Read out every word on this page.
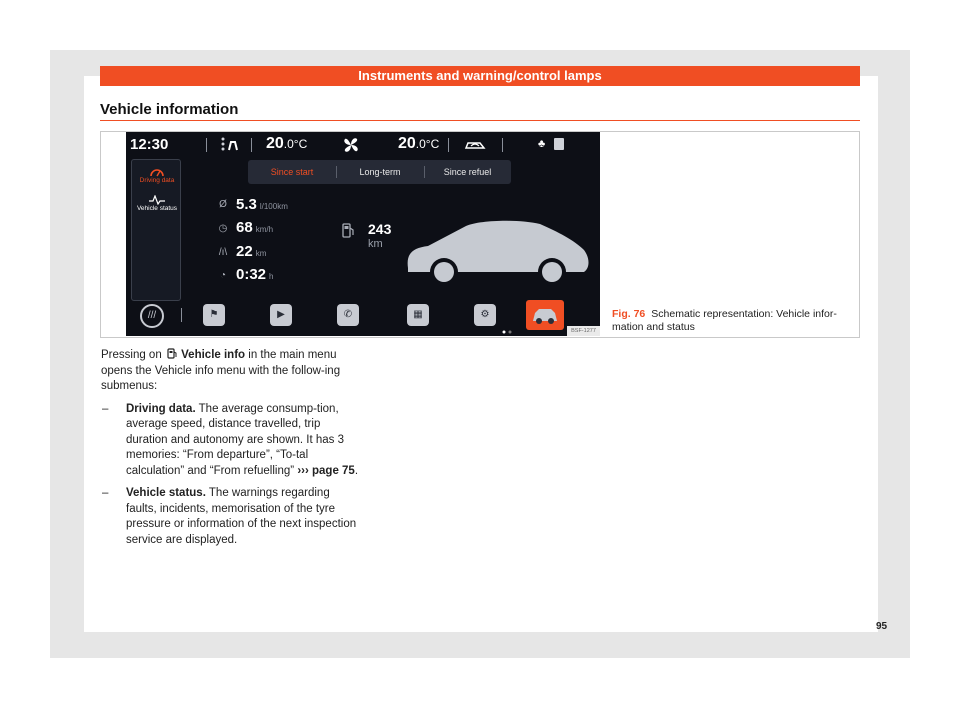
Instruments and warning/control lamps
Vehicle information
12:30	20.0°C	20.0°C	♣
Driving data
Vehicle status
Since start	Long-term	Since refuel
Ø 5.3 l/100km
◷ 68 km/h
/ı\ 22 km
◔ 0:32 h
243
km
///	⚑	▶	✆	▦	⚙
BSF-1277
Fig. 76 Schematic representation: Vehicle infor-mation and status
Pressing on Vehicle info in the main menu opens the Vehicle info menu with the follow-ing submenus:
– Driving data. The average consump-tion, average speed, distance travelled, trip duration and autonomy are shown. It has 3 memories: “From departure”, “To-tal calculation” and “From refuelling” ››› page 75.
– Vehicle status. The warnings regarding faults, incidents, memorisation of the tyre pressure or information of the next inspection service are displayed.
95
